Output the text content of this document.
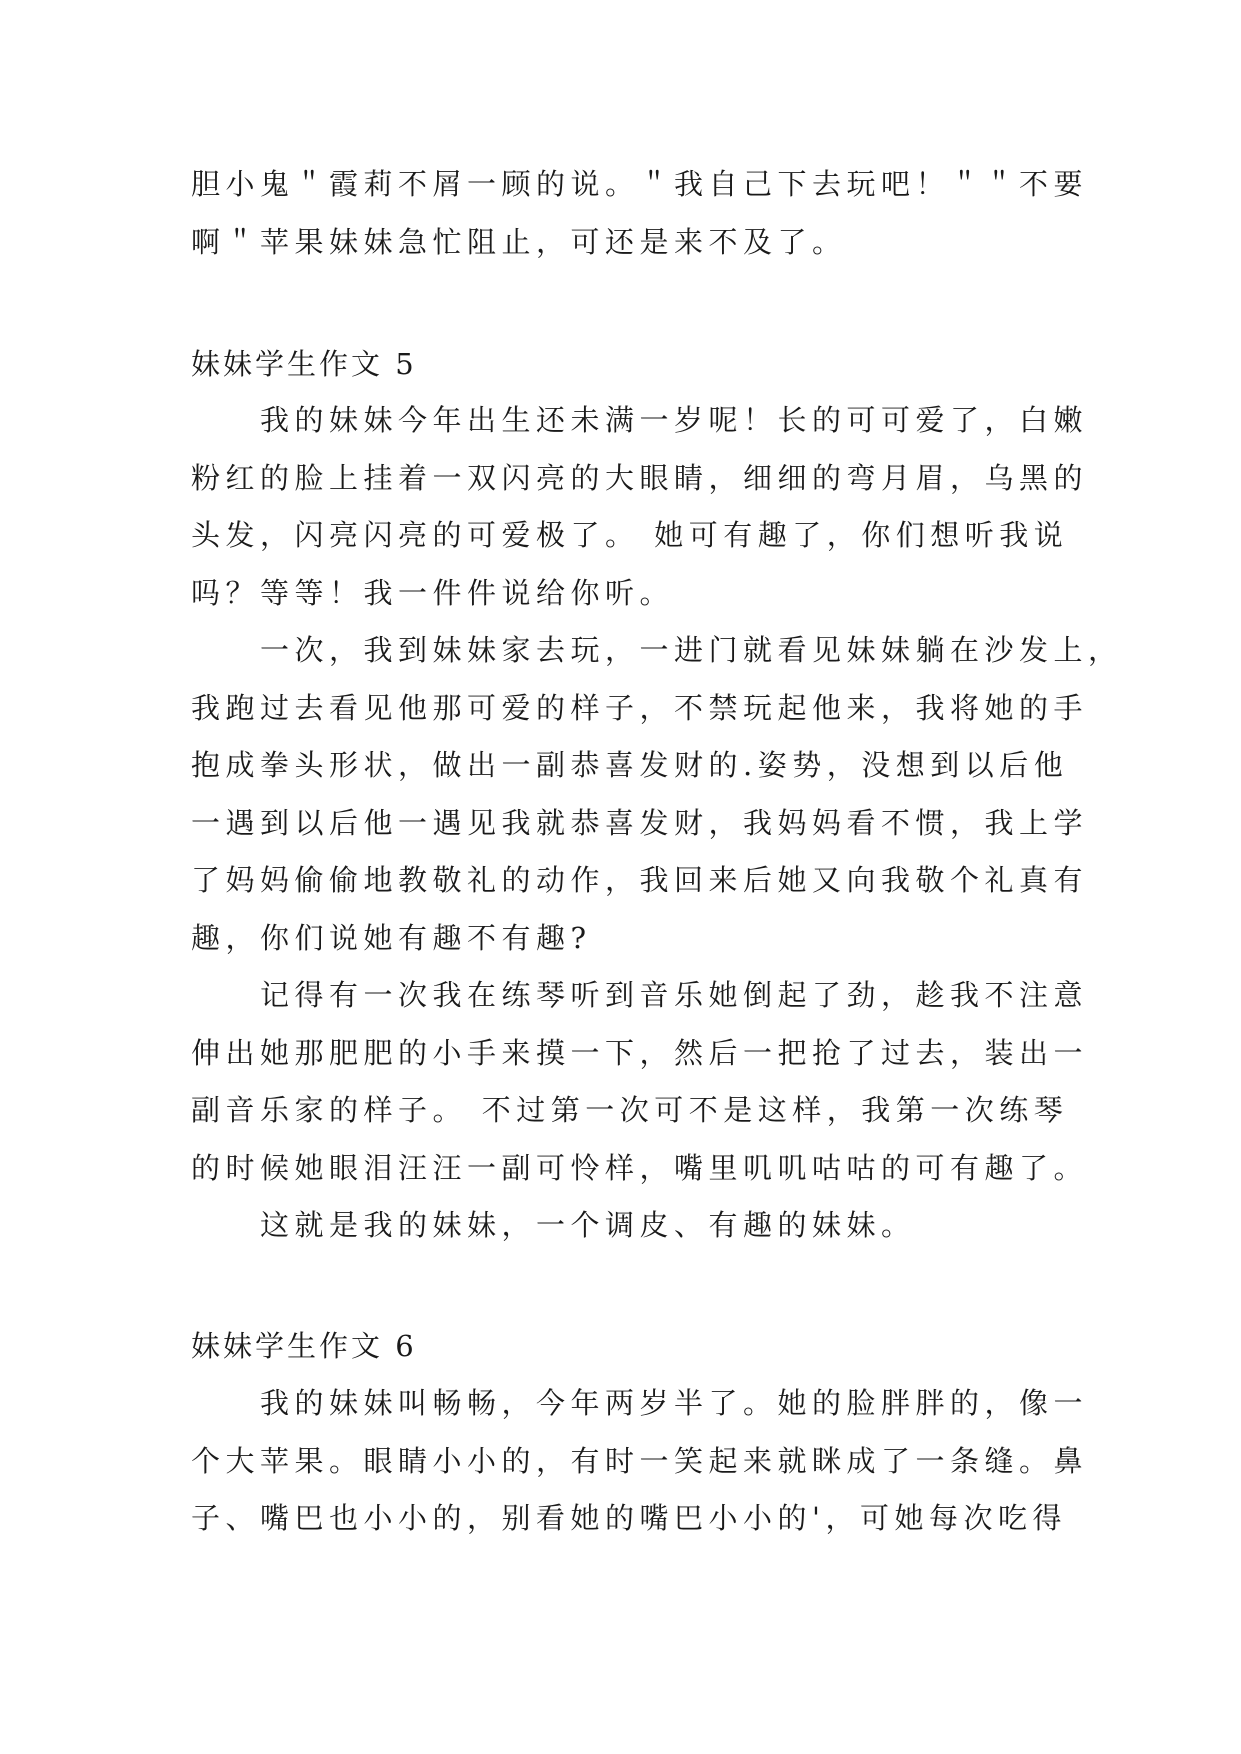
胆小鬼＂霞莉不屑一顾的说。＂我自己下去玩吧！＂＂不要
啊＂苹果妹妹急忙阻止，可还是来不及了。
妹妹学生作文 5
　　我的妹妹今年出生还未满一岁呢！长的可可爱了，白嫩
粉红的脸上挂着一双闪亮的大眼睛，细细的弯月眉，乌黑的
头发，闪亮闪亮的可爱极了。 她可有趣了，你们想听我说
吗？等等！我一件件说给你听。
　　一次，我到妹妹家去玩，一进门就看见妹妹躺在沙发上，
我跑过去看见他那可爱的样子，不禁玩起他来，我将她的手
抱成拳头形状，做出一副恭喜发财的.姿势，没想到以后他
一遇到以后他一遇见我就恭喜发财，我妈妈看不惯，我上学
了妈妈偷偷地教敬礼的动作，我回来后她又向我敬个礼真有
趣，你们说她有趣不有趣?
　　记得有一次我在练琴听到音乐她倒起了劲，趁我不注意
伸出她那肥肥的小手来摸一下，然后一把抢了过去，装出一
副音乐家的样子。 不过第一次可不是这样，我第一次练琴
的时候她眼泪汪汪一副可怜样，嘴里叽叽咕咕的可有趣了。
　　这就是我的妹妹，一个调皮、有趣的妹妹。
妹妹学生作文 6
　　我的妹妹叫畅畅，今年两岁半了。她的脸胖胖的，像一
个大苹果。眼睛小小的，有时一笑起来就眯成了一条缝。鼻
子、嘴巴也小小的，别看她的嘴巴小小的'，可她每次吃得
